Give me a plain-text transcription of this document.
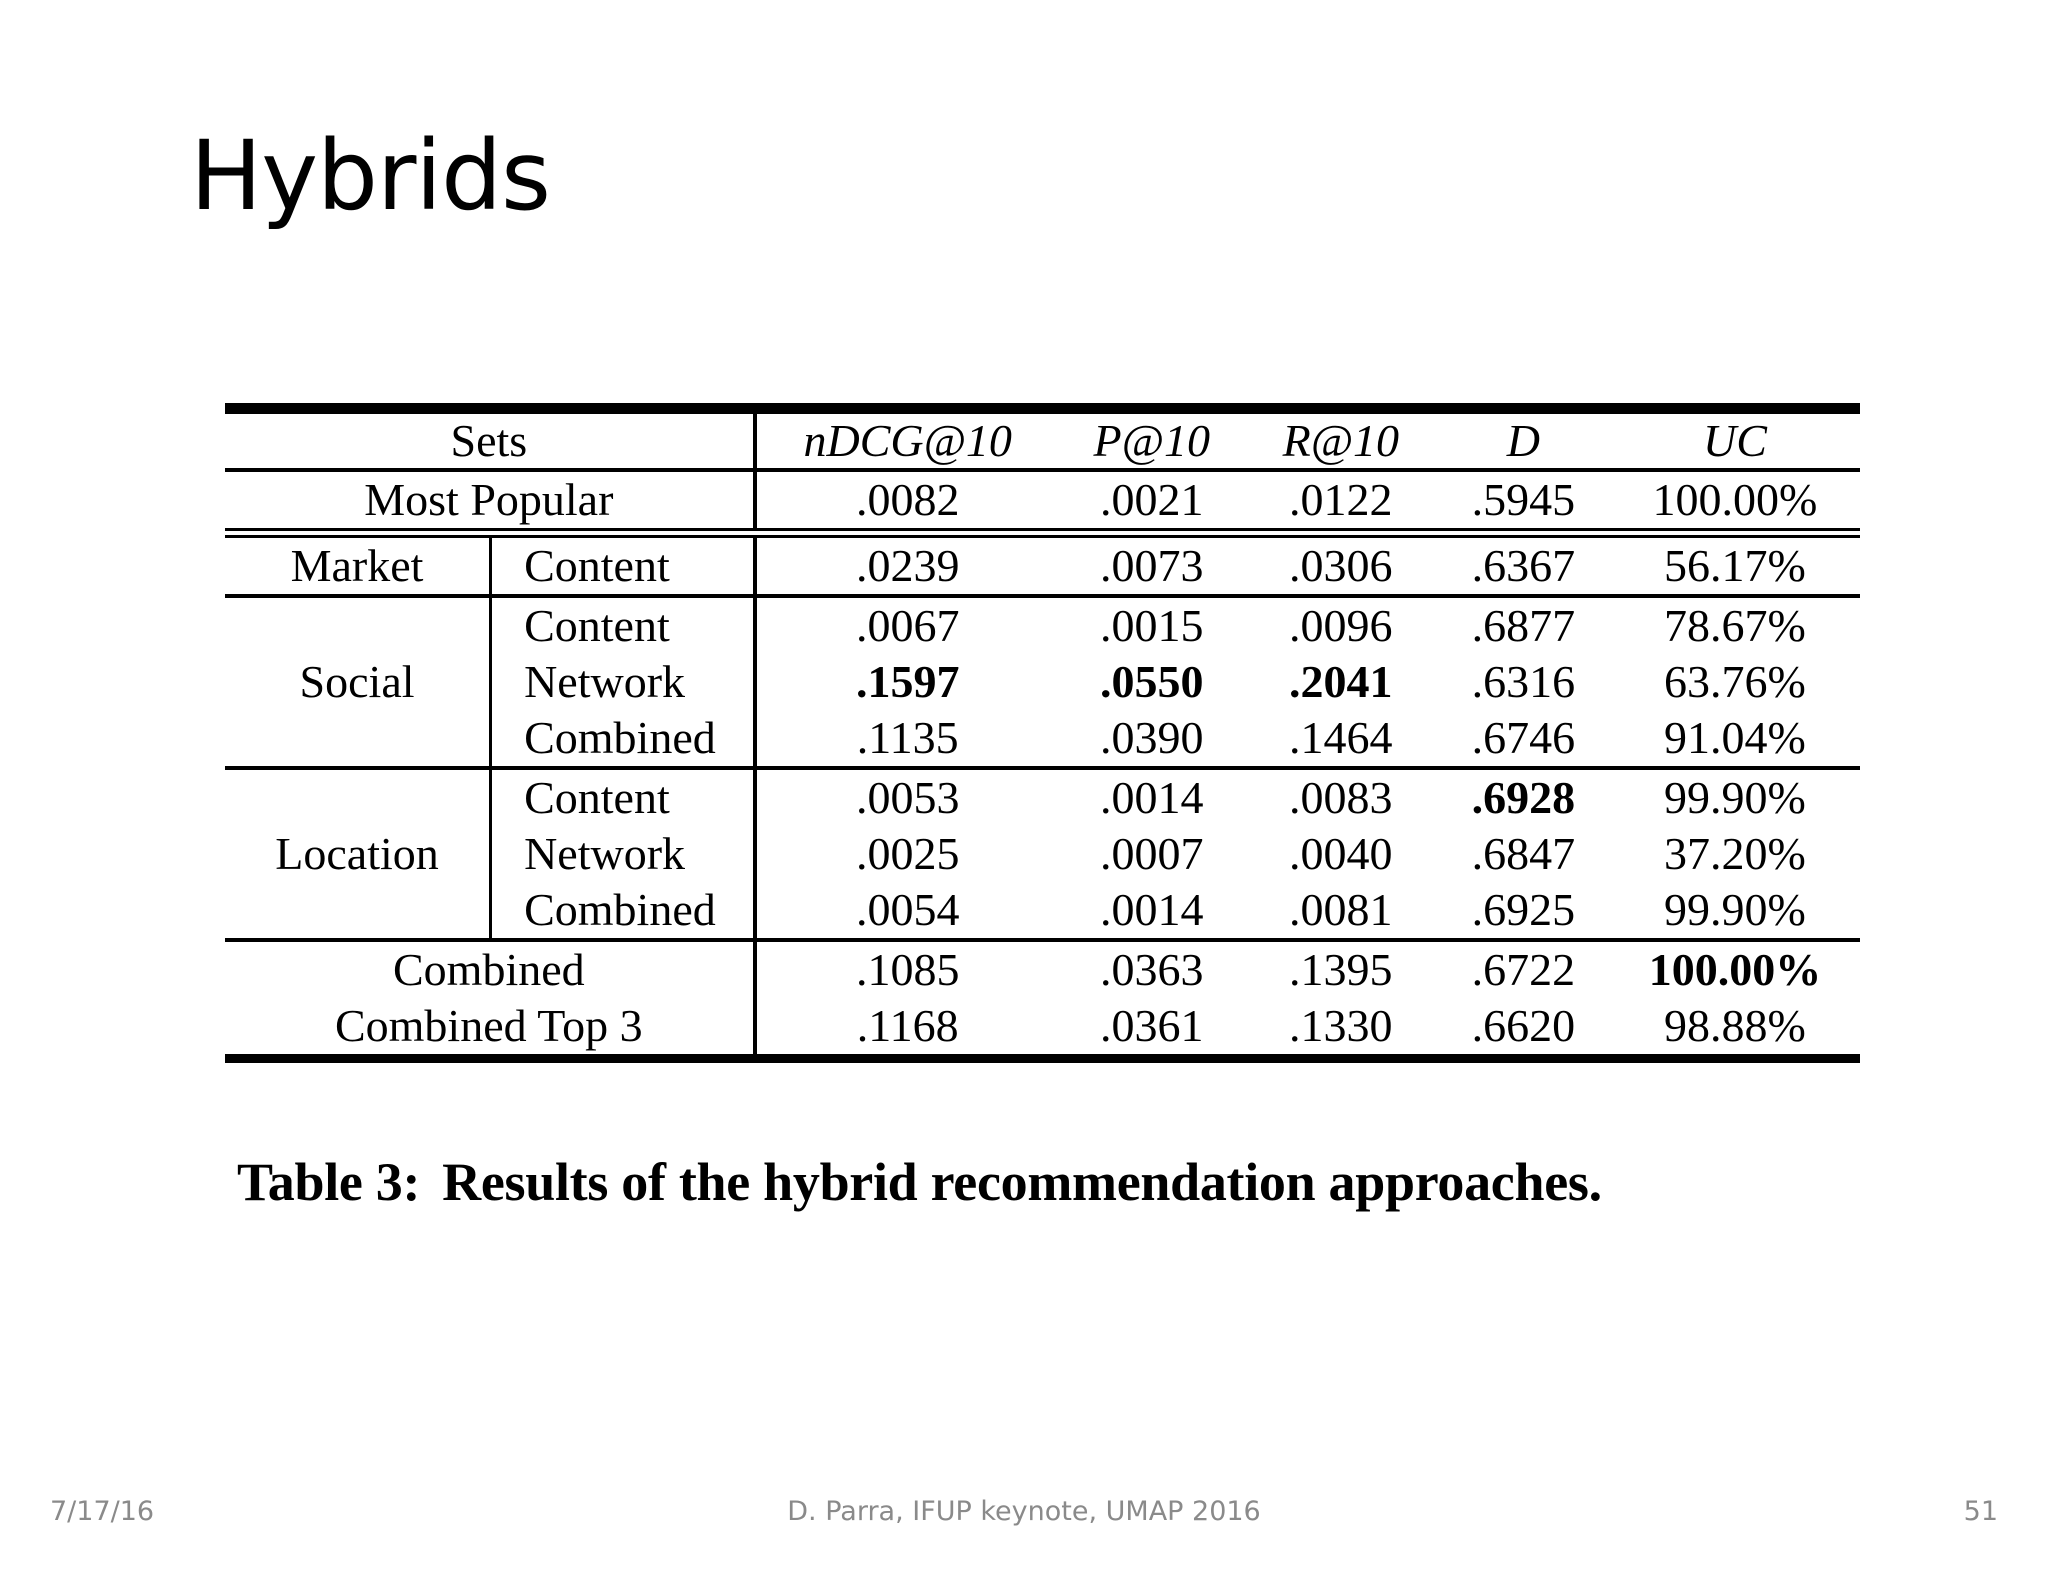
Hybrids
Sets		nDCG@10	P@10	R@10	D	UC
Most Popular		.0082	.0021	.0122	.5945	100.00%
Market	Content	.0239	.0073	.0306	.6367	56.17%
Social	Content	.0067	.0015	.0096	.6877	78.67%
	Network	.1597	.0550	.2041	.6316	63.76%
	Combined	.1135	.0390	.1464	.6746	91.04%
Location	Content	.0053	.0014	.0083	.6928	99.90%
	Network	.0025	.0007	.0040	.6847	37.20%
	Combined	.0054	.0014	.0081	.6925	99.90%
Combined		.1085	.0363	.1395	.6722	100.00%
Combined Top 3		.1168	.0361	.1330	.6620	98.88%
Table 3: Results of the hybrid recommendation approaches.
7/17/16	D. Parra, IFUP keynote, UMAP 2016	51
